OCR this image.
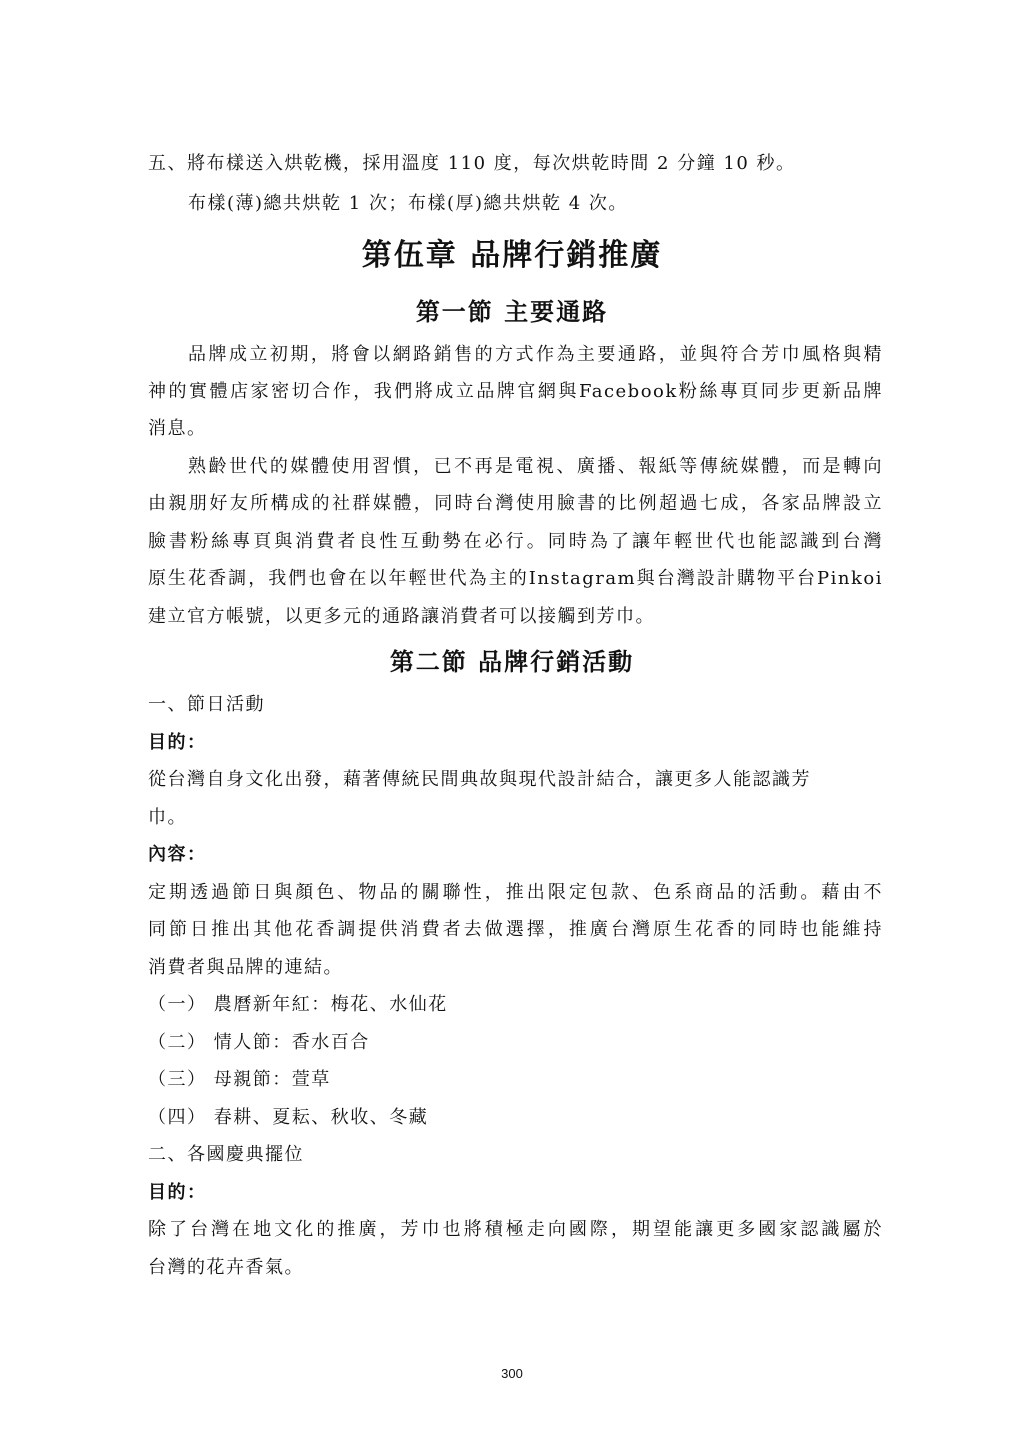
五、將布樣送入烘乾機，採用溫度 110 度，每次烘乾時間 2 分鐘 10 秒。
布樣(薄)總共烘乾 1 次；布樣(厚)總共烘乾 4 次。
第伍章 品牌行銷推廣
第一節 主要通路
品牌成立初期，將會以網路銷售的方式作為主要通路，並與符合芳巾風格與精
神的實體店家密切合作，我們將成立品牌官網與Facebook粉絲專頁同步更新品牌
消息。
熟齡世代的媒體使用習慣，已不再是電視、廣播、報紙等傳統媒體，而是轉向
由親朋好友所構成的社群媒體，同時台灣使用臉書的比例超過七成，各家品牌設立
臉書粉絲專頁與消費者良性互動勢在必行。同時為了讓年輕世代也能認識到台灣
原生花香調，我們也會在以年輕世代為主的Instagram與台灣設計購物平台Pinkoi
建立官方帳號，以更多元的通路讓消費者可以接觸到芳巾。
第二節 品牌行銷活動
一、節日活動
目的：
從台灣自身文化出發，藉著傳統民間典故與現代設計結合，讓更多人能認識芳
巾。
內容：
定期透過節日與顏色、物品的關聯性，推出限定包款、色系商品的活動。藉由不
同節日推出其他花香調提供消費者去做選擇，推廣台灣原生花香的同時也能維持
消費者與品牌的連結。
（一） 農曆新年紅：梅花、水仙花
（二） 情人節：香水百合
（三） 母親節：萱草
（四） 春耕、夏耘、秋收、冬藏
二、各國慶典擺位
目的：
除了台灣在地文化的推廣，芳巾也將積極走向國際，期望能讓更多國家認識屬於
台灣的花卉香氣。
300
